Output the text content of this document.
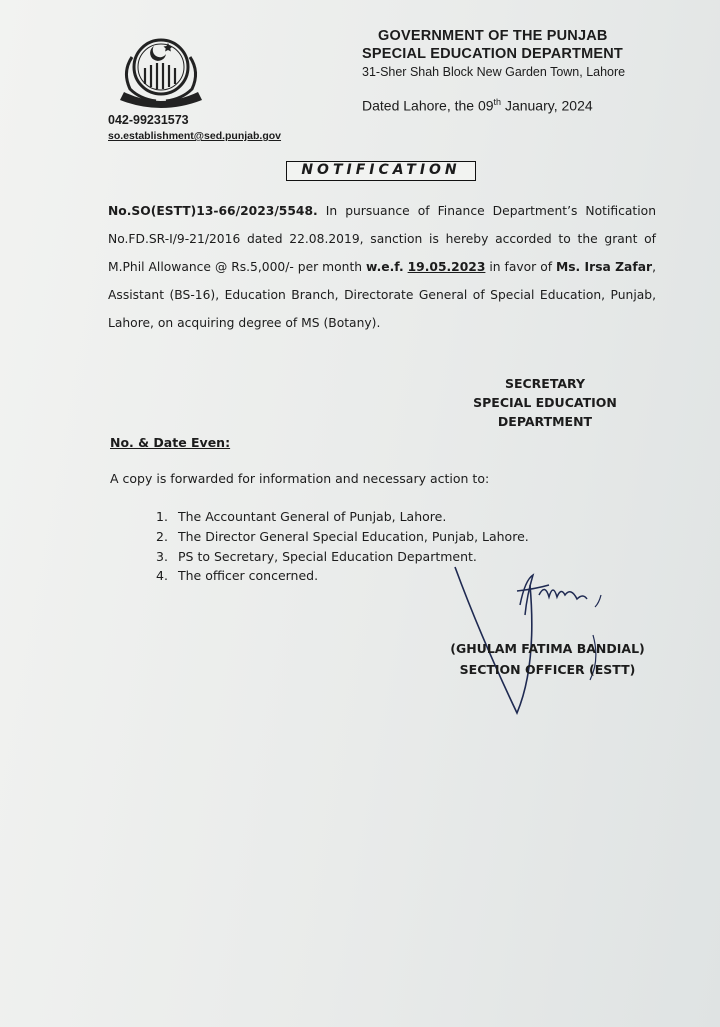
GOVERNMENT OF THE PUNJAB
SPECIAL EDUCATION DEPARTMENT
31-Sher Shah Block New Garden Town, Lahore
Dated Lahore, the 09th January, 2024
042-99231573
so.establishment@sed.punjab.gov
NOTIFICATION
No.SO(ESTT)13-66/2023/5548. In pursuance of Finance Department’s Notification No.FD.SR-I/9-21/2016 dated 22.08.2019, sanction is hereby accorded to the grant of M.Phil Allowance @ Rs.5,000/- per month w.e.f. 19.05.2023 in favor of Ms. Irsa Zafar, Assistant (BS-16), Education Branch, Directorate General of Special Education, Punjab, Lahore, on acquiring degree of MS (Botany).
SECRETARY
SPECIAL EDUCATION
DEPARTMENT
No. & Date Even:
A copy is forwarded for information and necessary action to:
1. The Accountant General of Punjab, Lahore.
2. The Director General Special Education, Punjab, Lahore.
3. PS to Secretary, Special Education Department.
4. The officer concerned.
(GHULAM FATIMA BANDIAL)
SECTION OFFICER (ESTT)
